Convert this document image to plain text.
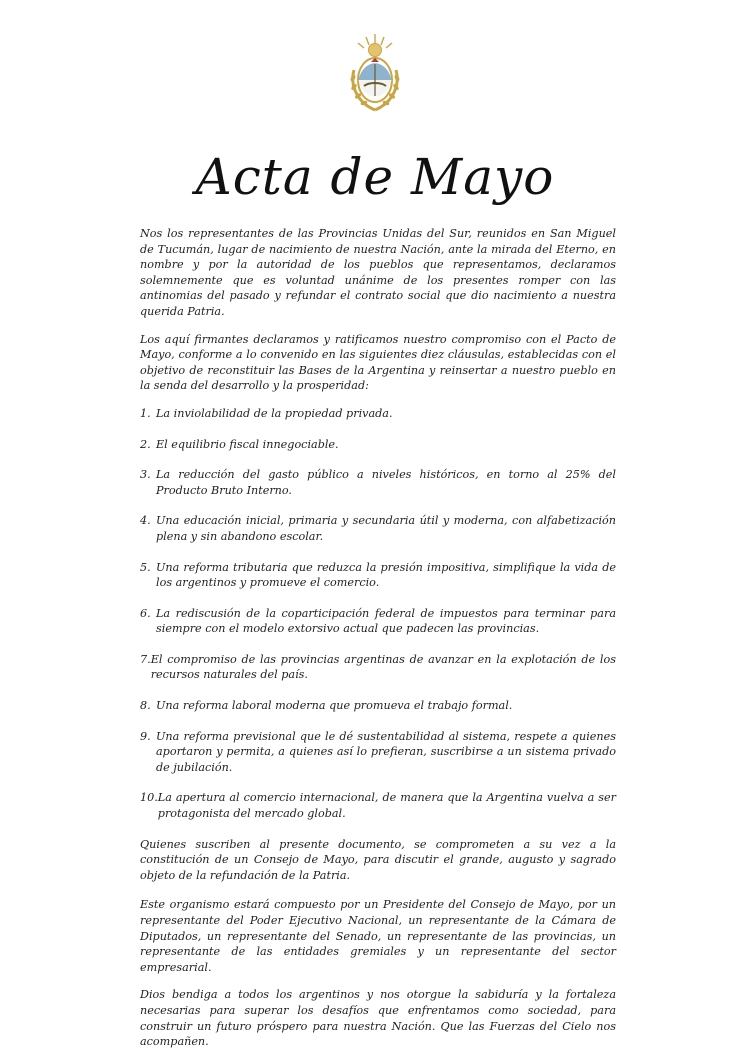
Acta de Mayo

Nos los representantes de las Provincias Unidas del Sur, reunidos en San Miguel de Tucumán, lugar de nacimiento de nuestra Nación, ante la mirada del Eterno, en nombre y por la autoridad de los pueblos que representamos, declaramos solemnemente que es voluntad unánime de los presentes romper con las antinomias del pasado y refundar el contrato social que dio nacimiento a nuestra querida Patria.

Los aquí firmantes declaramos y ratificamos nuestro compromiso con el Pacto de Mayo, conforme a lo convenido en las siguientes diez cláusulas, establecidas con el objetivo de reconstituir las Bases de la Argentina y reinsertar a nuestro pueblo en la senda del desarrollo y la prosperidad:

1. La inviolabilidad de la propiedad privada.
2. El equilibrio fiscal innegociable.
3. La reducción del gasto público a niveles históricos, en torno al 25% del Producto Bruto Interno.
4. Una educación inicial, primaria y secundaria útil y moderna, con alfabetización plena y sin abandono escolar.
5. Una reforma tributaria que reduzca la presión impositiva, simplifique la vida de los argentinos y promueve el comercio.
6. La rediscusión de la coparticipación federal de impuestos para terminar para siempre con el modelo extorsivo actual que padecen las provincias.
7. El compromiso de las provincias argentinas de avanzar en la explotación de los recursos naturales del país.
8. Una reforma laboral moderna que promueva el trabajo formal.
9. Una reforma previsional que le dé sustentabilidad al sistema, respete a quienes aportaron y permita, a quienes así lo prefieran, suscribirse a un sistema privado de jubilación.
10. La apertura al comercio internacional, de manera que la Argentina vuelva a ser protagonista del mercado global.

Quienes suscriben al presente documento, se comprometen a su vez a la constitución de un Consejo de Mayo, para discutir el grande, augusto y sagrado objeto de la refundación de la Patria.

Este organismo estará compuesto por un Presidente del Consejo de Mayo, por un representante del Poder Ejecutivo Nacional, un representante de la Cámara de Diputados, un representante del Senado, un representante de las provincias, un representante de las entidades gremiales y un representante del sector empresarial.

Dios bendiga a todos los argentinos y nos otorgue la sabiduría y la fortaleza necesarias para superar los desafíos que enfrentamos como sociedad, para construir un futuro próspero para nuestra Nación. Que las Fuerzas del Cielo nos acompañen.
